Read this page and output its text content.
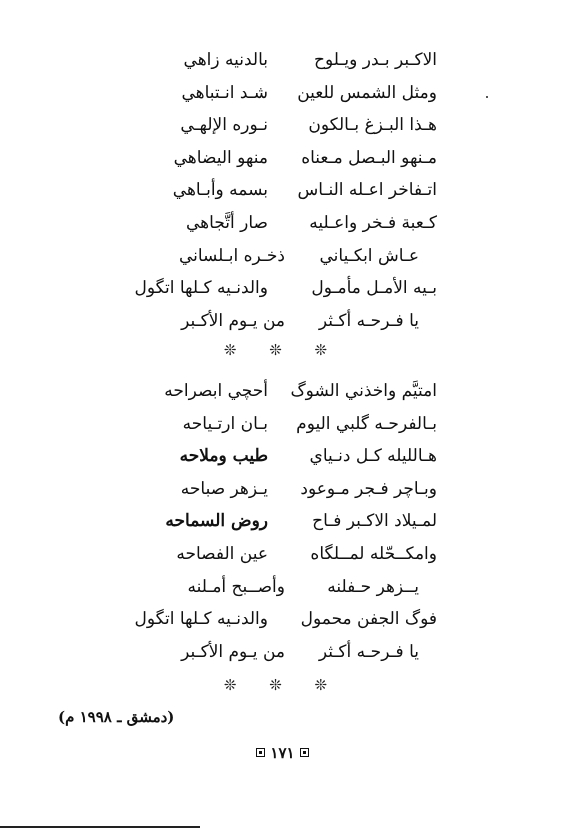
الاكـبر بـدر ويـلوح
بالدنيه زاهي
ومثل الشمس للعين
شـد انـتباهي
هـذا البـزغ بـالكون
نـوره الإلهـي
مـنهو البـصل مـعناه
منهو اليضاهي
اتـفاخر اعـله النـاس
بسمه وأبـاهي
كـعبة فـخر واعـليه
صار أتَّجاهي
عـاش ابكـياني
ذخـره ابـلساني
بـيه الأمـل مأمـول
والدنـيه كـلها اتگول
يا فـرحـه أكـثر
من يـوم الأكـبر
❊ ❊ ❊
امتيَّم واخذني الشوگ
أحچي ابصراحه
بـالفرحـه گلبي اليوم
بـان ارتـياحه
هـالليله كـل دنـياي
طيب وملاحه
وبـاچر فـجر مـوعود
يـزهر صباحه
لمـيلاد الاكـبر فـاح
روض السماحه
وامكــحّله لمــلگاه
عين الفصاحه
يــزهر حـفلنه
وأصــبح أمـلنه
فوگ الجفن محمول
والدنـيه كـلها اتگول
يا فـرحـه أكـثر
من يـوم الأكـبر
❊ ❊ ❊
(دمشق ـ ١٩٩٨ م)
١٧١
